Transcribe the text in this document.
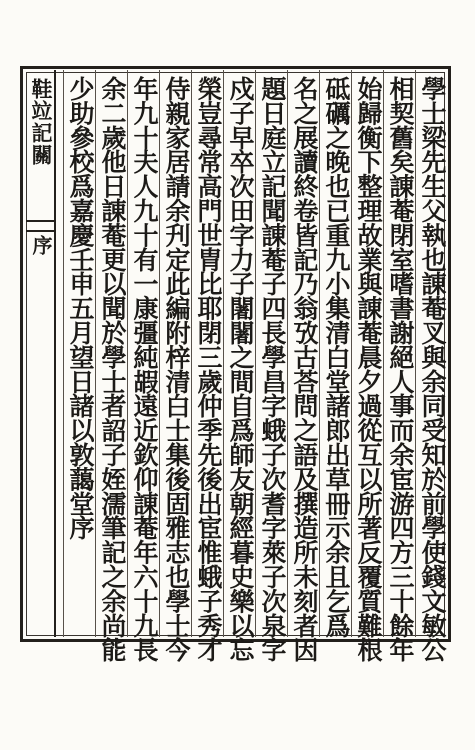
鞋竝記關
序	學士梁先生父執也諌菴叉與余同受知於前學使錢文敏公
相契舊矣諌菴閉室嗜書謝絕人事而余宦游四方三十餘年
始歸衡下整理故業與諌菴晨夕過從互以所著反覆質難根
砥礪之晚也已重九小集清白堂諸郎出草冊示余且乞爲
名之展讀終卷皆記乃翁攷古荅問之語及撰造所未刻者因
題日庭立記聞諌菴子四長學昌字蛾子次耆字萊子次泉字
戍子早卒次田字力子闍闍之間自爲師友朝經暮史樂以忘
榮豈尋常高門世胄比耶閉三歲仲季先後出宦惟蛾子秀才
侍親家居請余刋定此編附梓清白士集後固雅志也學士今
年九十夫人九十有一康彊純嘏遠近欽仰諌菴年六十九長
余二歲他日諌菴更以聞於學士者詔子姪濡筆記之余尚能
少助參校爲嘉慶壬申五月望日諸以敦藹堂序
